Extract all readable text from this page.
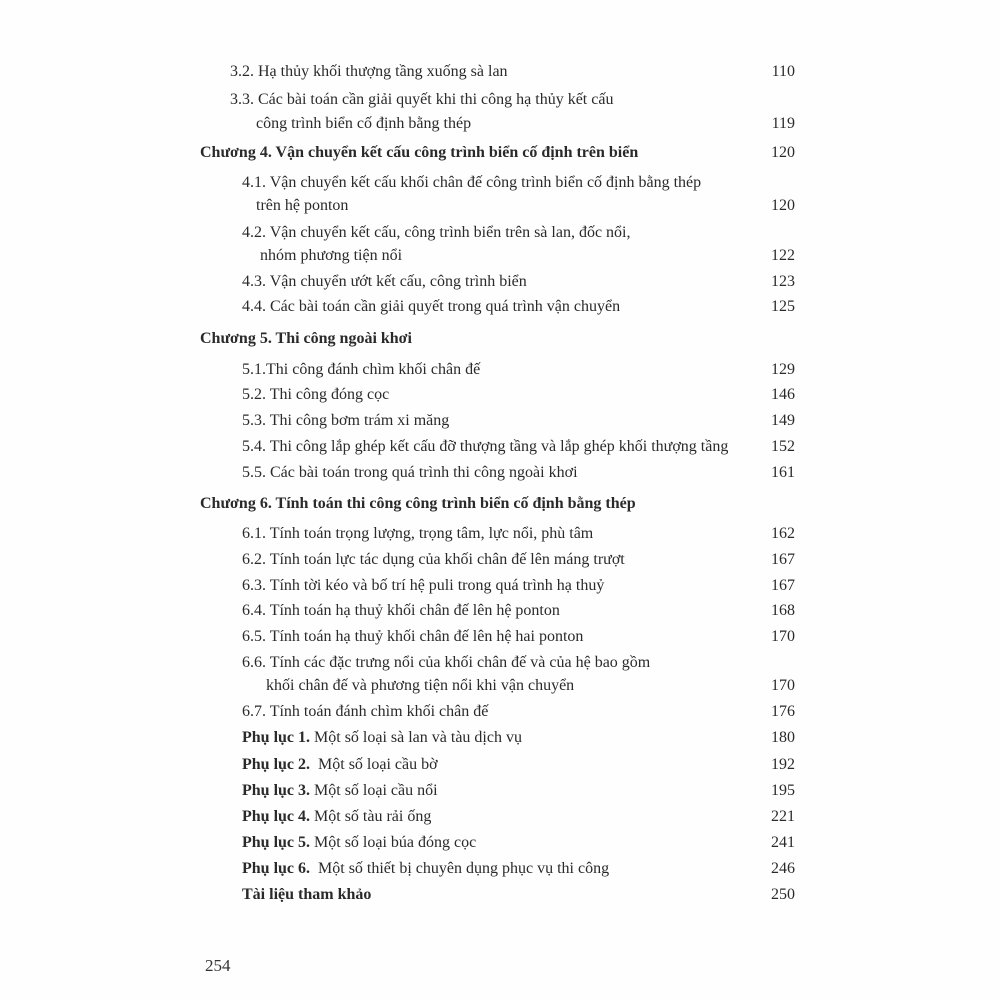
3.2. Hạ thủy khối thượng tầng xuống sà lan	110
3.3. Các bài toán cần giải quyết khi thi công hạ thủy kết cấu
công trình biển cố định bằng thép	119
Chương 4. Vận chuyển kết cấu công trình biển cố định trên biển	120
4.1. Vận chuyển kết cấu khối chân đế công trình biển cố định bằng thép
trên hệ ponton	120
4.2. Vận chuyển kết cấu, công trình biển trên sà lan, đốc nổi,
nhóm phương tiện nổi	122
4.3. Vận chuyển ướt kết cấu, công trình biển	123
4.4. Các bài toán cần giải quyết trong quá trình vận chuyển	125
Chương 5. Thi công ngoài khơi
5.1.Thi công đánh chìm khối chân đế	129
5.2. Thi công đóng cọc	146
5.3. Thi công bơm trám xi măng	149
5.4. Thi công lắp ghép kết cấu đỡ thượng tầng và lắp ghép khối thượng tầng	152
5.5. Các bài toán trong quá trình thi công ngoài khơi	161
Chương 6. Tính toán thi công công trình biển cố định bằng thép
6.1. Tính toán trọng lượng, trọng tâm, lực nổi, phù tâm	162
6.2. Tính toán lực tác dụng của khối chân đế lên máng trượt	167
6.3. Tính tời kéo và bố trí hệ puli trong quá trình hạ thuỷ	167
6.4. Tính toán hạ thuỷ khối chân đế lên hệ ponton	168
6.5. Tính toán hạ thuỷ khối chân đế lên hệ hai ponton	170
6.6. Tính các đặc trưng nổi của khối chân đế và của hệ bao gồm
khối chân đế và phương tiện nổi khi vận chuyển	170
6.7. Tính toán đánh chìm khối chân đế	176
Phụ lục 1. Một số loại sà lan và tàu dịch vụ	180
Phụ lục 2.  Một số loại cầu bờ	192
Phụ lục 3. Một số loại cầu nổi	195
Phụ lục 4. Một số tàu rải ống	221
Phụ lục 5. Một số loại búa đóng cọc	241
Phụ lục 6.  Một số thiết bị chuyên dụng phục vụ thi công	246
Tài liệu tham khảo	250
254
